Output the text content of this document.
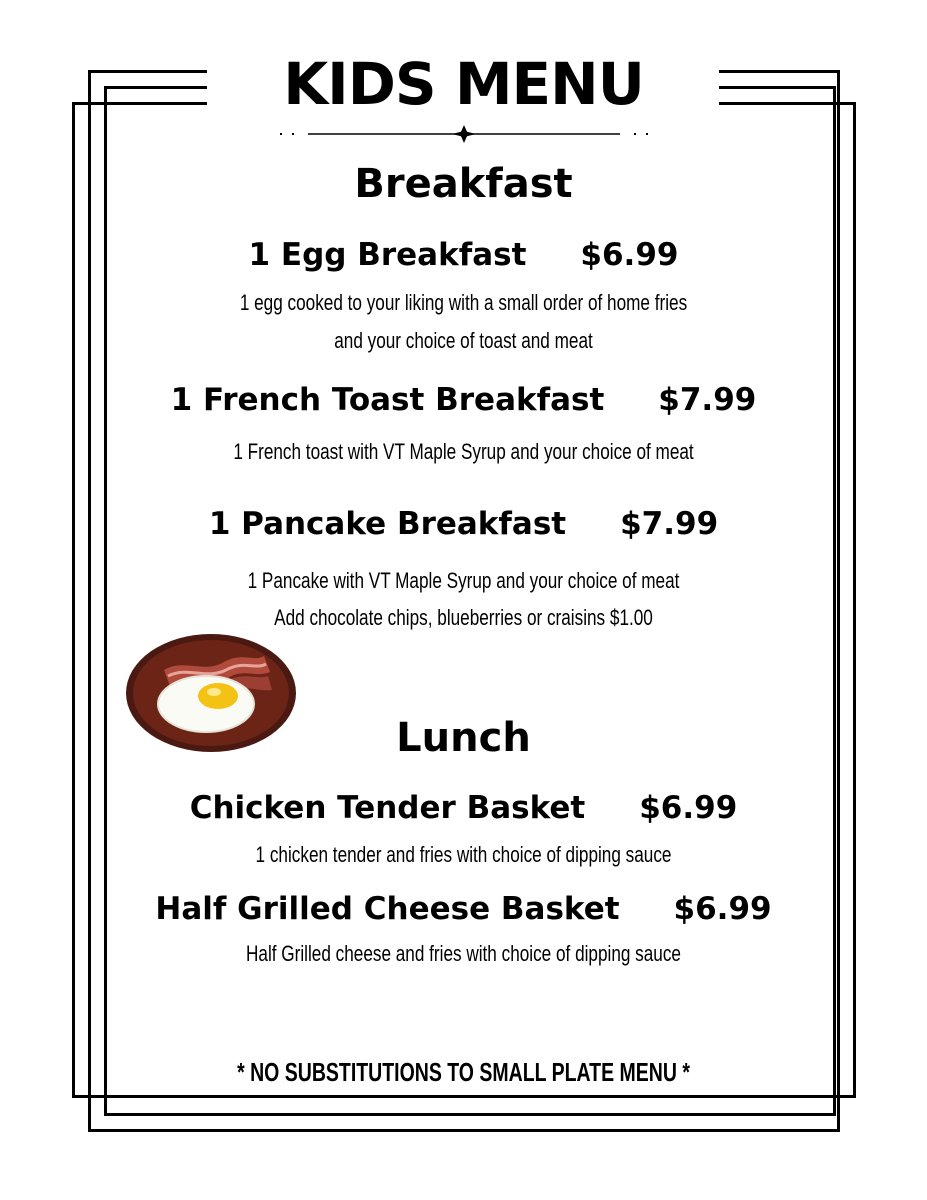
KIDS MENU
Breakfast
1 Egg Breakfast $6.99

1 egg cooked to your liking with a small order of home fries

and your choice of toast and meat

1 French Toast Breakfast $7.99

1 French toast with VT Maple Syrup and your choice of meat

1 Pancake Breakfast $7.99

1 Pancake with VT Maple Syrup and your choice of meat

Add chocolate chips, blueberries or craisins $1.00

Lunch
Chicken Tender Basket $6.99

1 chicken tender and fries with choice of dipping sauce

Half Grilled Cheese Basket $6.99

Half Grilled cheese and fries with choice of dipping sauce

* NO SUBSTITUTIONS TO SMALL PLATE MENU *
